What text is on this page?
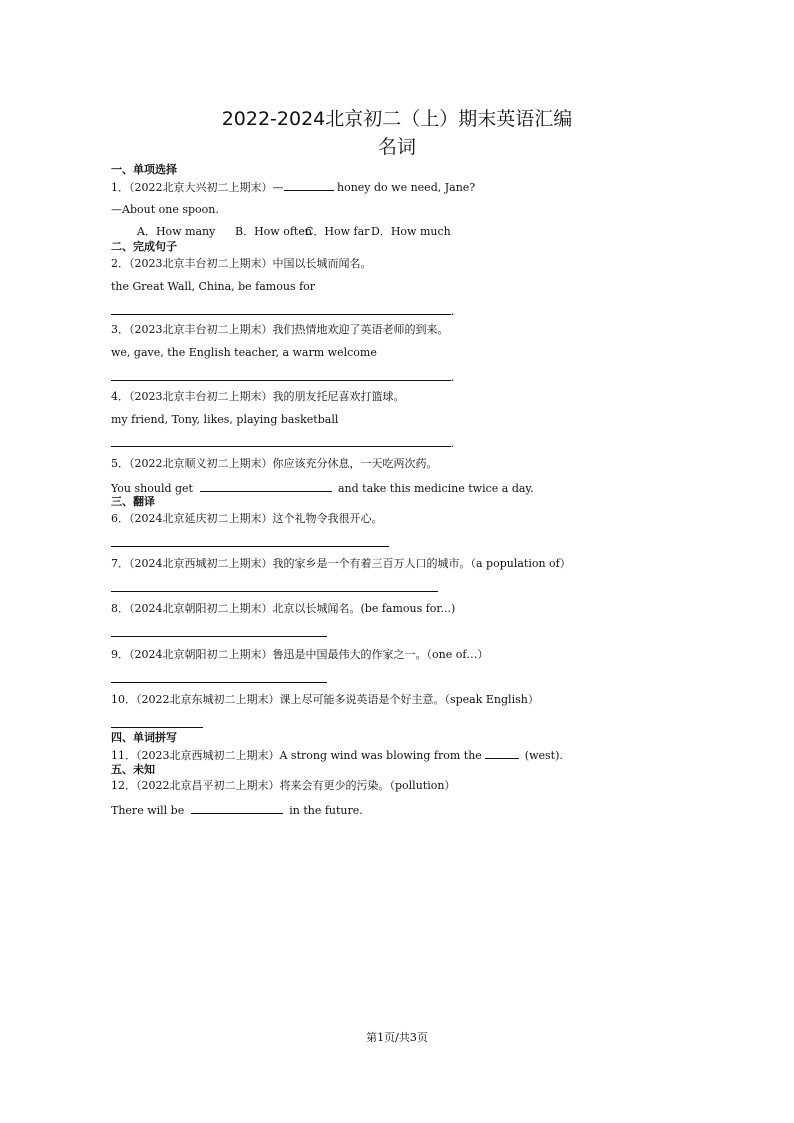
2022-2024北京初二（上）期末英语汇编
名词
一、单项选择
1．（2022北京大兴初二上期末）—	honey do we need, Jane?
—About one spoon.
A．How many B．How oftenC．How far D．How much
二、完成句子
2．（2023北京丰台初二上期末）中国以长城而闻名。
the Great Wall, China, be famous for
.
3．（2023北京丰台初二上期末）我们热情地欢迎了英语老师的到来。
we, gave, the English teacher, a warm welcome
.
4．（2023北京丰台初二上期末）我的朋友托尼喜欢打篮球。
my friend, Tony, likes, playing basketball
.
5．（2022北京顺义初二上期末）你应该充分休息，一天吃两次药。
You should get	and take this medicine twice a day.
三、翻译
6．（2024北京延庆初二上期末）这个礼物令我很开心。
7．（2024北京西城初二上期末）我的家乡是一个有着三百万人口的城市。（a population of）
8．（2024北京朝阳初二上期末）北京以长城闻名。(be famous for...)
9．（2024北京朝阳初二上期末）鲁迅是中国最伟大的作家之一。（one of…）
10．（2022北京东城初二上期末）课上尽可能多说英语是个好主意。（speak English）
四、单词拼写
11．（2023北京西城初二上期末）A strong wind was blowing from the	(west).
五、未知
12．（2022北京昌平初二上期末）将来会有更少的污染。（pollution）
There will be	in the future.
第1页/共3页
